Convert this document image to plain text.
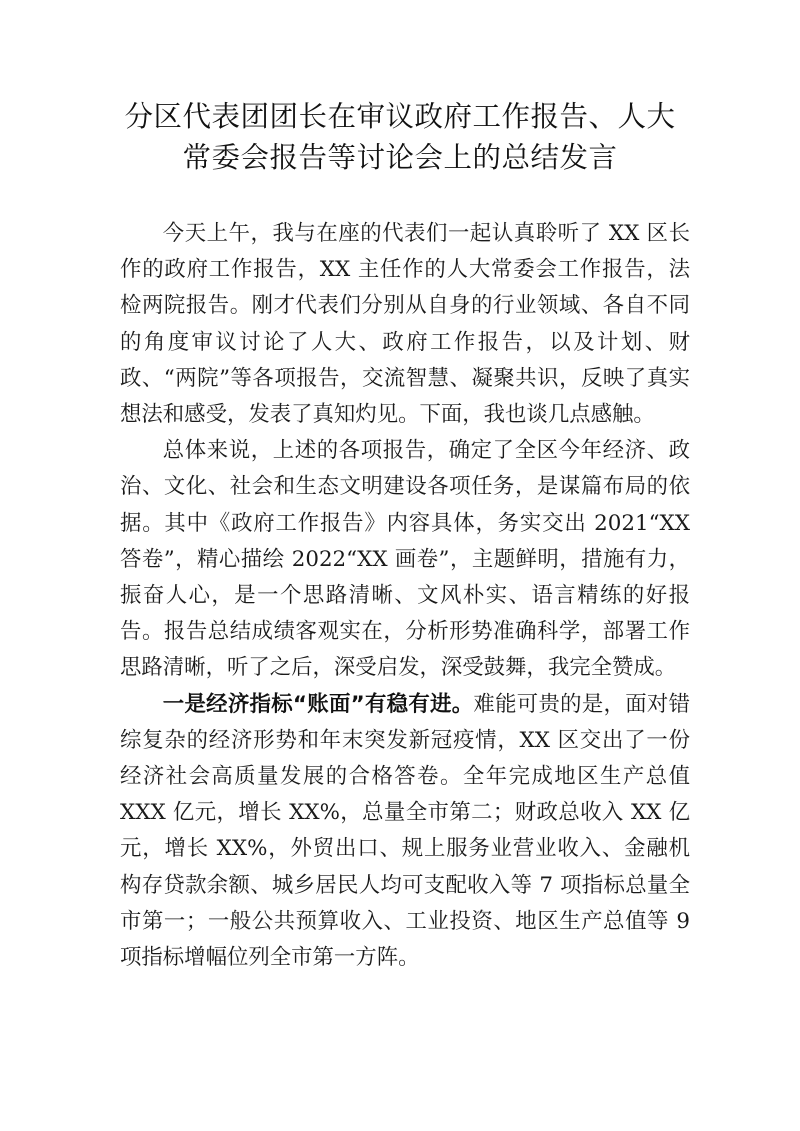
分区代表团团长在审议政府工作报告、人大
常委会报告等讨论会上的总结发言

今天上午，我与在座的代表们一起认真聆听了 XX 区长作的政府工作报告，XX 主任作的人大常委会工作报告，法检两院报告。刚才代表们分别从自身的行业领域、各自不同的角度审议讨论了人大、政府工作报告，以及计划、财政、“两院”等各项报告，交流智慧、凝聚共识，反映了真实想法和感受，发表了真知灼见。下面，我也谈几点感触。

总体来说，上述的各项报告，确定了全区今年经济、政治、文化、社会和生态文明建设各项任务，是谋篇布局的依据。其中《政府工作报告》内容具体，务实交出 2021“XX 答卷”，精心描绘 2022“XX 画卷”，主题鲜明，措施有力，振奋人心，是一个思路清晰、文风朴实、语言精练的好报告。报告总结成绩客观实在，分析形势准确科学，部署工作思路清晰，听了之后，深受启发，深受鼓舞，我完全赞成。

一是经济指标“账面”有稳有进。难能可贵的是，面对错综复杂的经济形势和年末突发新冠疫情，XX 区交出了一份经济社会高质量发展的合格答卷。全年完成地区生产总值 XXX 亿元，增长 XX%，总量全市第二；财政总收入 XX 亿元，增长 XX%，外贸出口、规上服务业营业收入、金融机构存贷款余额、城乡居民人均可支配收入等 7 项指标总量全市第一；一般公共预算收入、工业投资、地区生产总值等 9 项指标增幅位列全市第一方阵。
